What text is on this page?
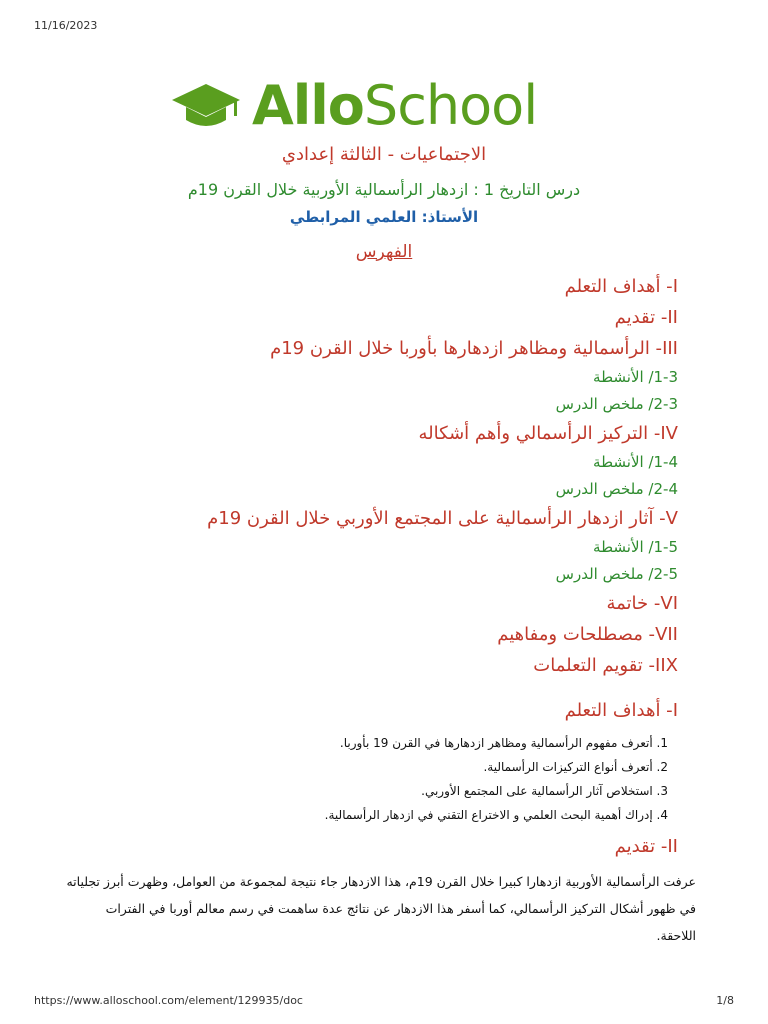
11/16/2023
AlloSchool
الاجتماعيات - الثالثة إعدادي
درس التاريخ 1 : ازدهار الرأسمالية الأوربية خلال القرن 19م
الأستاذ: العلمي المرابطي
الفهرس
I- أهداف التعلم
II- تقديم
III- الرأسمالية ومظاهر ازدهارها بأوربا خلال القرن 19م
1-3/ الأنشطة
2-3/ ملخص الدرس
IV- التركيز الرأسمالي وأهم أشكاله
1-4/ الأنشطة
2-4/ ملخص الدرس
V- آثار ازدهار الرأسمالية على المجتمع الأوربي خلال القرن 19م
1-5/ الأنشطة
2-5/ ملخص الدرس
VI- خاتمة
VII- مصطلحات ومفاهيم
IIX- تقويم التعلمات
I- أهداف التعلم
1. أتعرف مفهوم الرأسمالية ومظاهر ازدهارها في القرن 19 بأوربا.
2. أتعرف أنواع التركيزات الرأسمالية.
3. استخلاص آثار الرأسمالية على المجتمع الأوربي.
4. إدراك أهمية البحث العلمي و الاختراع التقني في ازدهار الرأسمالية.
II- تقديم

عرفت الرأسمالية الأوربية ازدهارا كبيرا خلال القرن 19م، هذا الازدهار جاء نتيجة لمجموعة من العوامل، وظهرت أبرز تجلياته في ظهور أشكال التركيز الرأسمالي، كما أسفر هذا الازدهار عن نتائج عدة ساهمت في رسم معالم أوربا في الفترات اللاحقة.

https://www.alloschool.com/element/129935/doc	1/8
